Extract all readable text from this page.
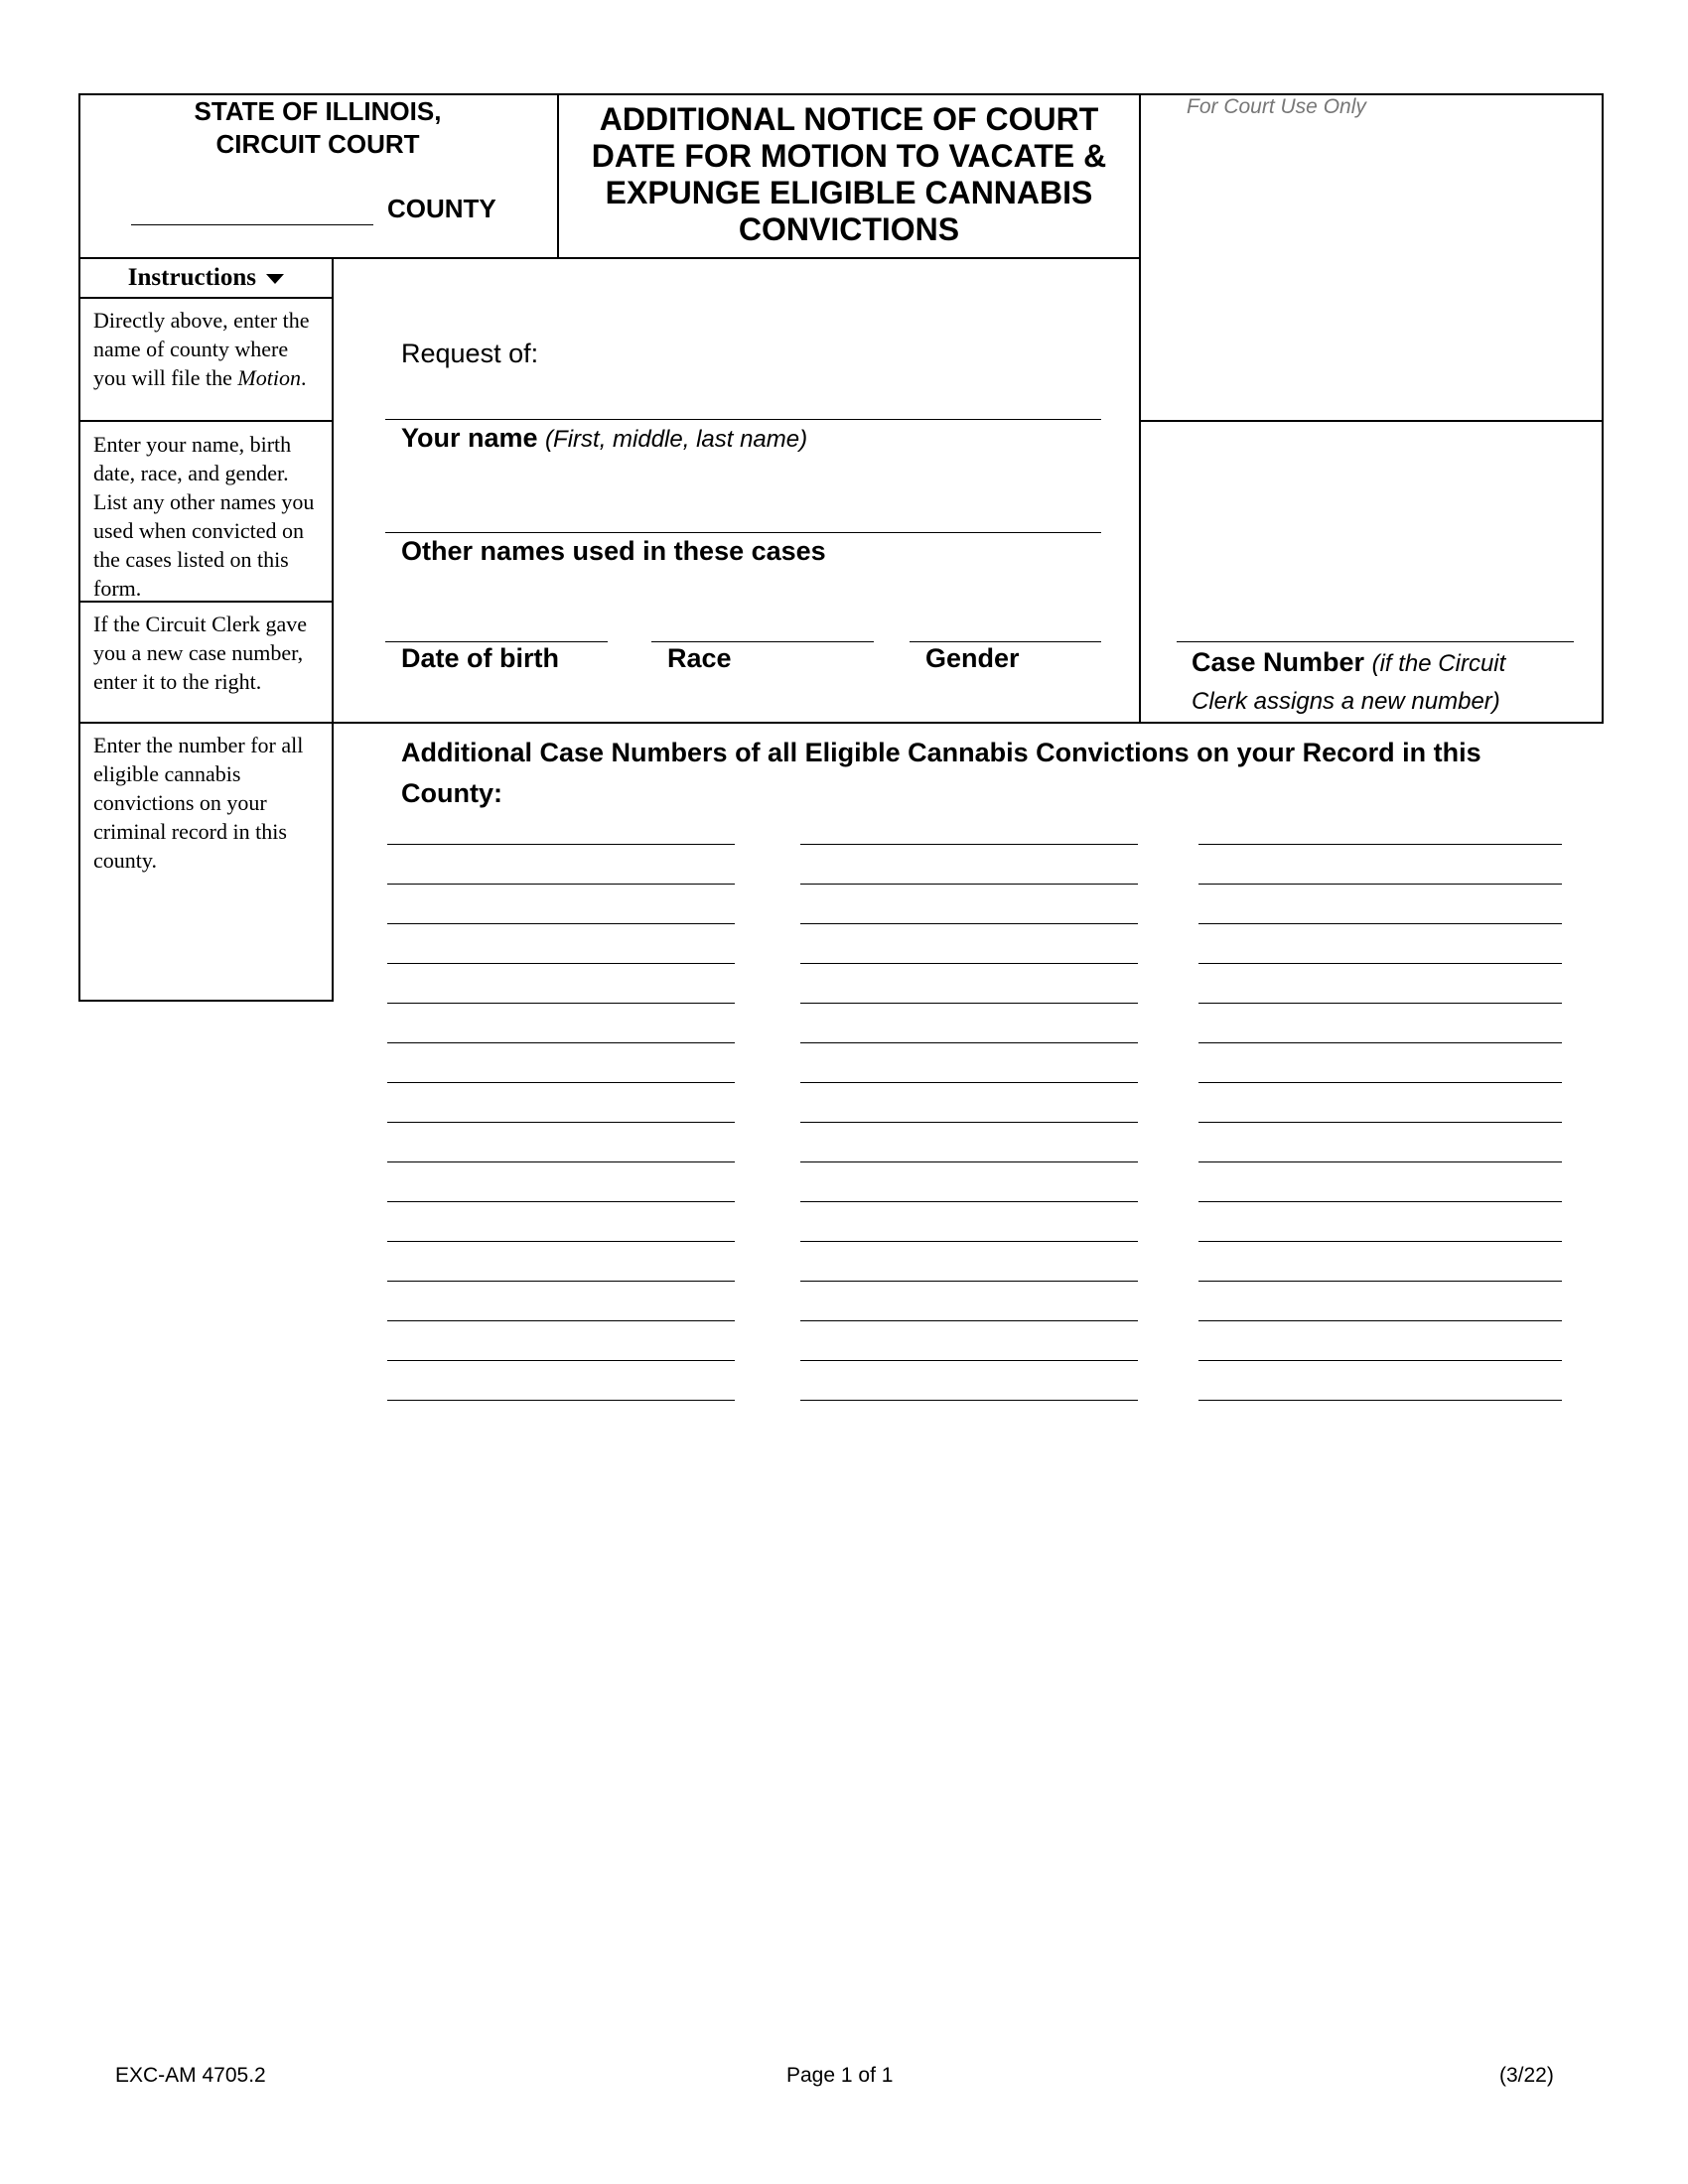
STATE OF ILLINOIS,
CIRCUIT COURT
COUNTY
ADDITIONAL NOTICE OF COURT
DATE FOR MOTION TO VACATE &
EXPUNGE ELIGIBLE CANNABIS
CONVICTIONS
For Court Use Only
Instructions
Directly above, enter the name of county where you will file the Motion.
Enter your name, birth date, race, and gender. List any other names you used when convicted on the cases listed on this form.
If the Circuit Clerk gave you a new case number, enter it to the right.
Enter the number for all eligible cannabis convictions on your criminal record in this county.
Request of:
Your name (First, middle, last name)
Other names used in these cases
Date of birth	Race	Gender	Case Number (if the Circuit
Clerk assigns a new number)
Additional Case Numbers of all Eligible Cannabis Convictions on your Record in this
County:
EXC-AM 4705.2	Page 1 of 1	(3/22)
